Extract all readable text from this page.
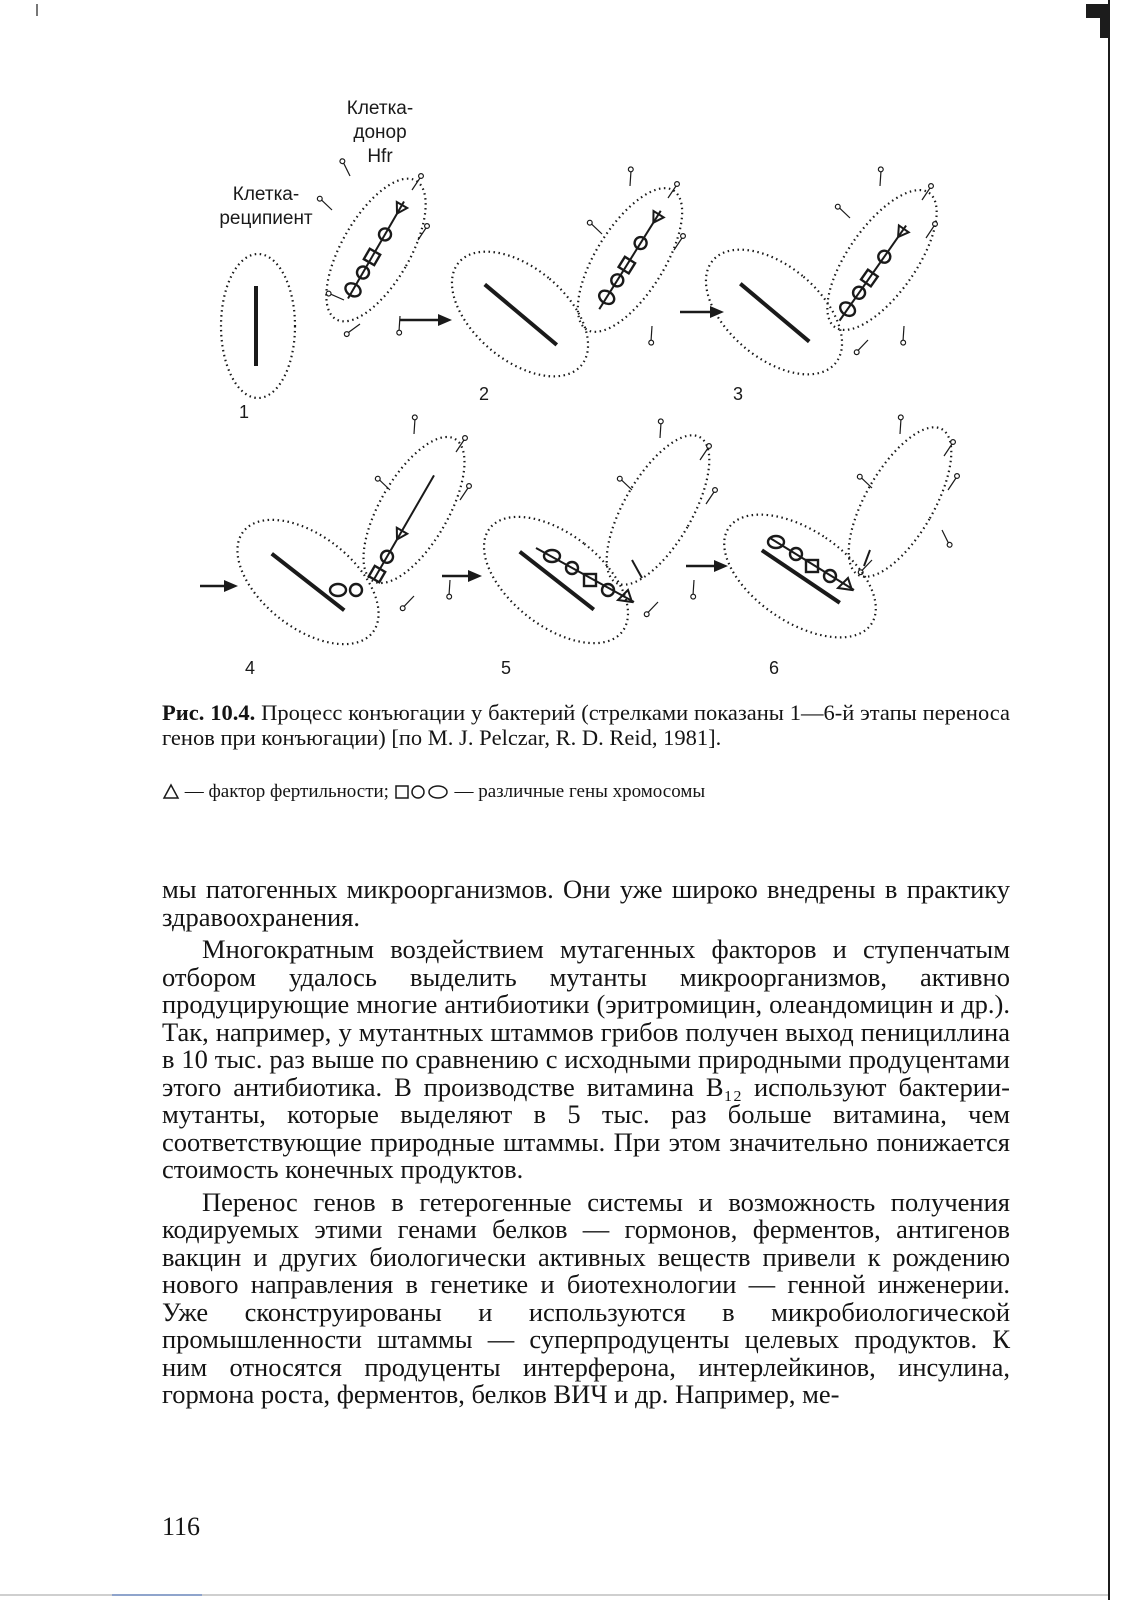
Клетка-
донор
Hfr
Клетка-
реципиент
1
2	3
4	5	6
Рис. 10.4. Процесс конъюгации у бактерий (стрелками показаны 1—6-й этапы переноса генов при конъюгации) [по M. J. Pelczar, R. D. Reid, 1981].
— фактор фертильности;	— различные гены хромосомы

мы патогенных микроорганизмов. Они уже широко внедрены в практику здравоохранения.

Многократным воздействием мутагенных факторов и ступенчатым отбором удалось выделить мутанты микроорганизмов, активно продуцирующие многие антибиотики (эритромицин, олеандомицин и др.). Так, например, у мутантных штаммов грибов получен выход пенициллина в 10 тыс. раз выше по сравнению с исходными природными продуцентами этого антибиотика. В производстве витамина B₁₂ используют бактерии-мутанты, которые выделяют в 5 тыс. раз больше витамина, чем соответствующие природные штаммы. При этом значительно понижается стоимость конечных продуктов.

Перенос генов в гетерогенные системы и возможность получения кодируемых этими генами белков — гормонов, ферментов, антигенов вакцин и других биологически активных веществ привели к рождению нового направления в генетике и биотехнологии — генной инженерии. Уже сконструированы и используются в микробиологической промышленности штаммы — суперпродуценты целевых продуктов. К ним относятся продуценты интерферона, интерлейкинов, инсулина, гормона роста, ферментов, белков ВИЧ и др. Например, ме-

116
